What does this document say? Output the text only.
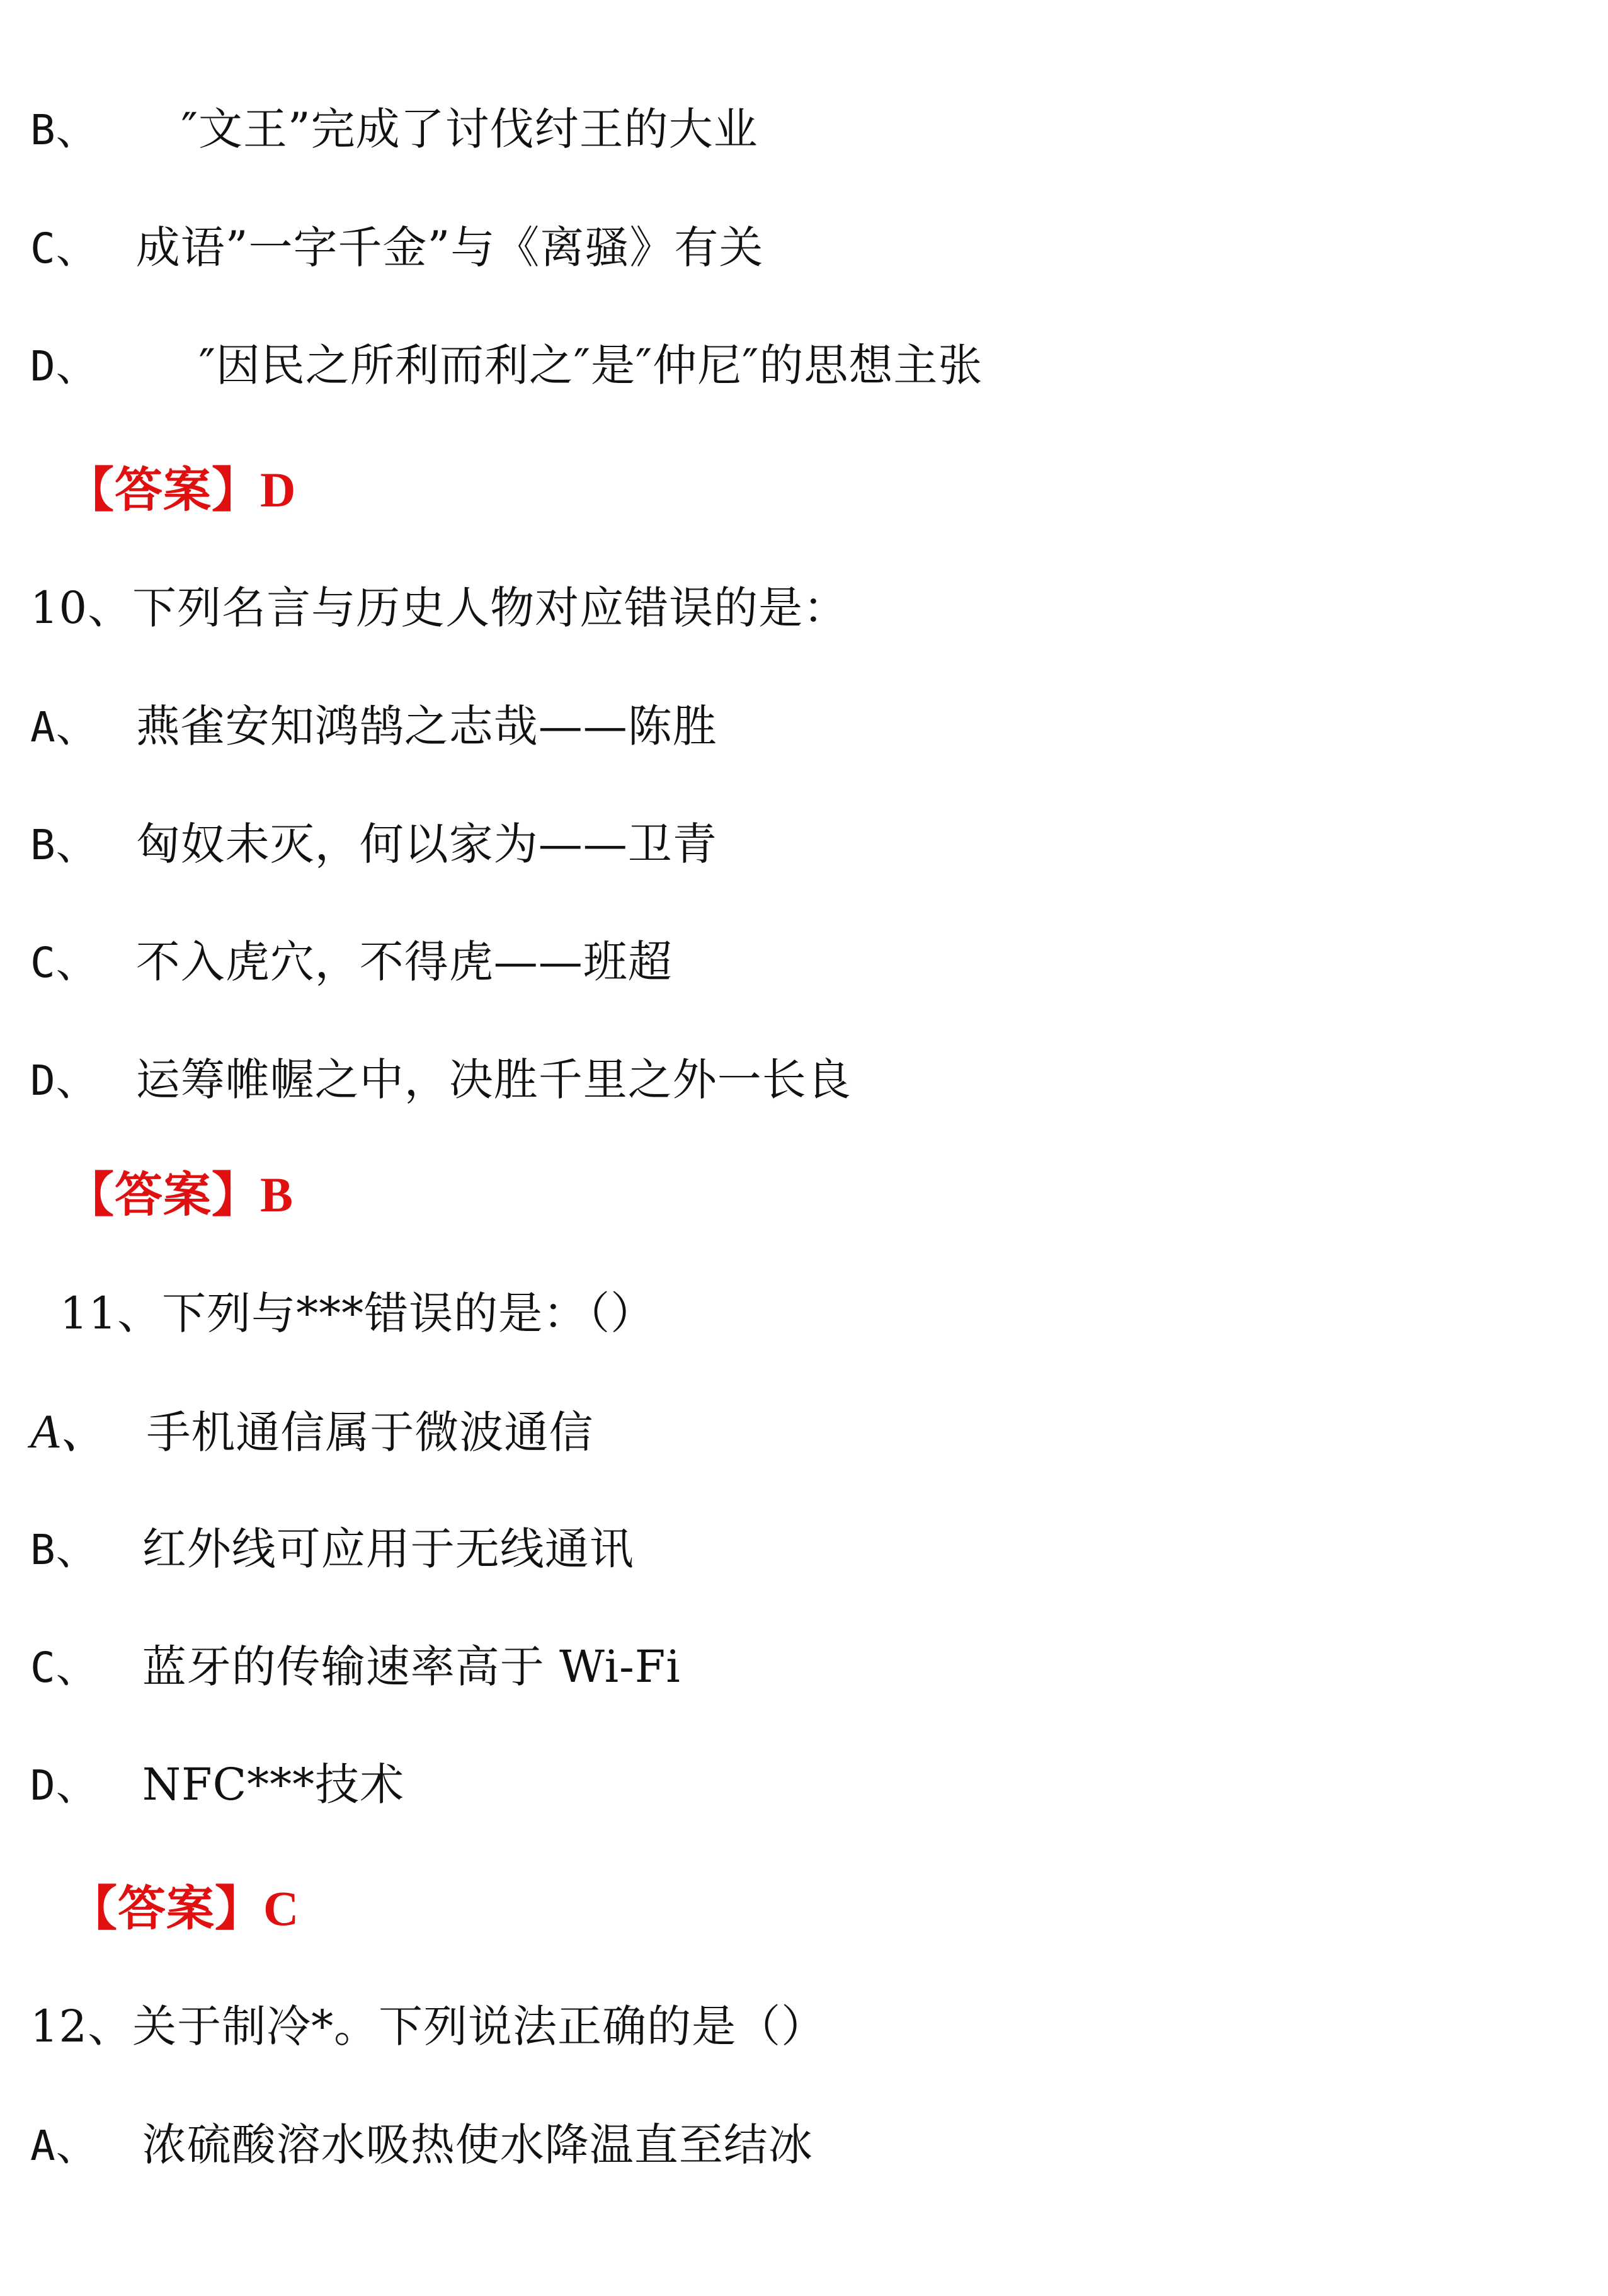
B、 ″文王”完成了讨伐纣王的大业
C、 成语”一字千金”与《离骚》有关
D、 ″因民之所利而利之″是″仲尼″的思想主张
【答案】D
10、下列名言与历史人物对应错误的是：
A、 燕雀安知鸿鹄之志哉——陈胜
B、 匈奴未灭，何以家为——卫青
C、 不入虎穴，不得虎——班超
D、 运筹帷幄之中，决胜千里之外一长良
【答案】B
11、下列与***错误的是：（）
A、 手机通信属于微波通信
B、 红外线可应用于无线通讯
C、 蓝牙的传输速率高于 Wi-Fi
D、 NFC***技术
【答案】C
12、关于制冷*。下列说法正确的是（）
A、 浓硫酸溶水吸热使水降温直至结冰
